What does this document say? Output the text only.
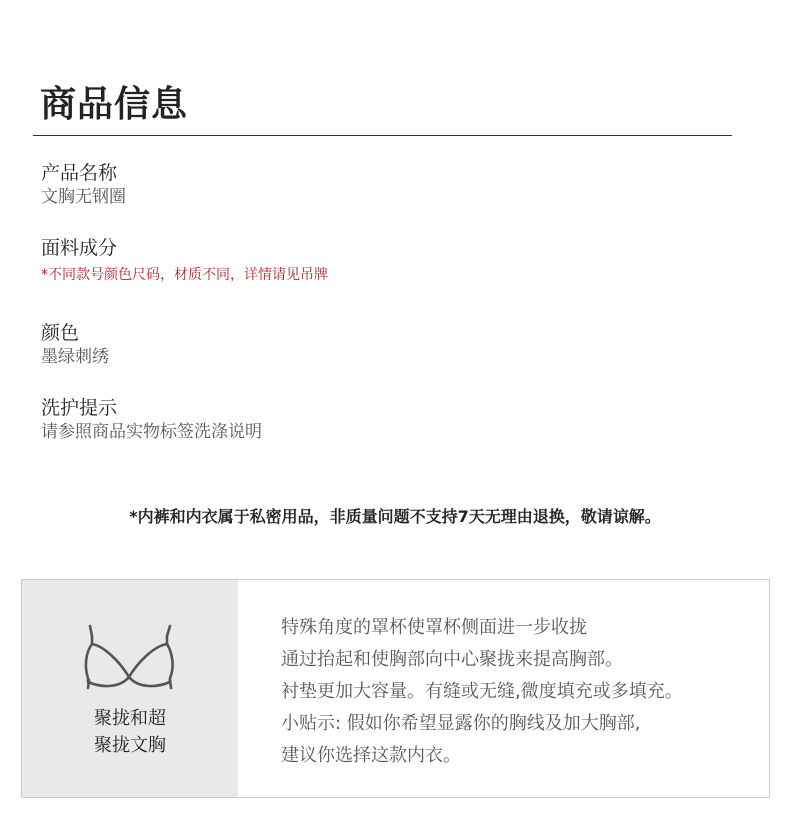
商品信息
产品名称
文胸无钢圈
面料成分
*不同款号颜色尺码，材质不同，详情请见吊牌
颜色
墨绿刺绣
洗护提示
请参照商品实物标签洗涤说明
*内裤和内衣属于私密用品，非质量问题不支持7天无理由退换，敬请谅解。
聚拢和超
聚拢文胸
特殊角度的罩杯使罩杯侧面进一步收拢
通过抬起和使胸部向中心聚拢来提高胸部。
衬垫更加大容量。有缝或无缝,微度填充或多填充。
小贴示: 假如你希望显露你的胸线及加大胸部,
建议你选择这款内衣。
